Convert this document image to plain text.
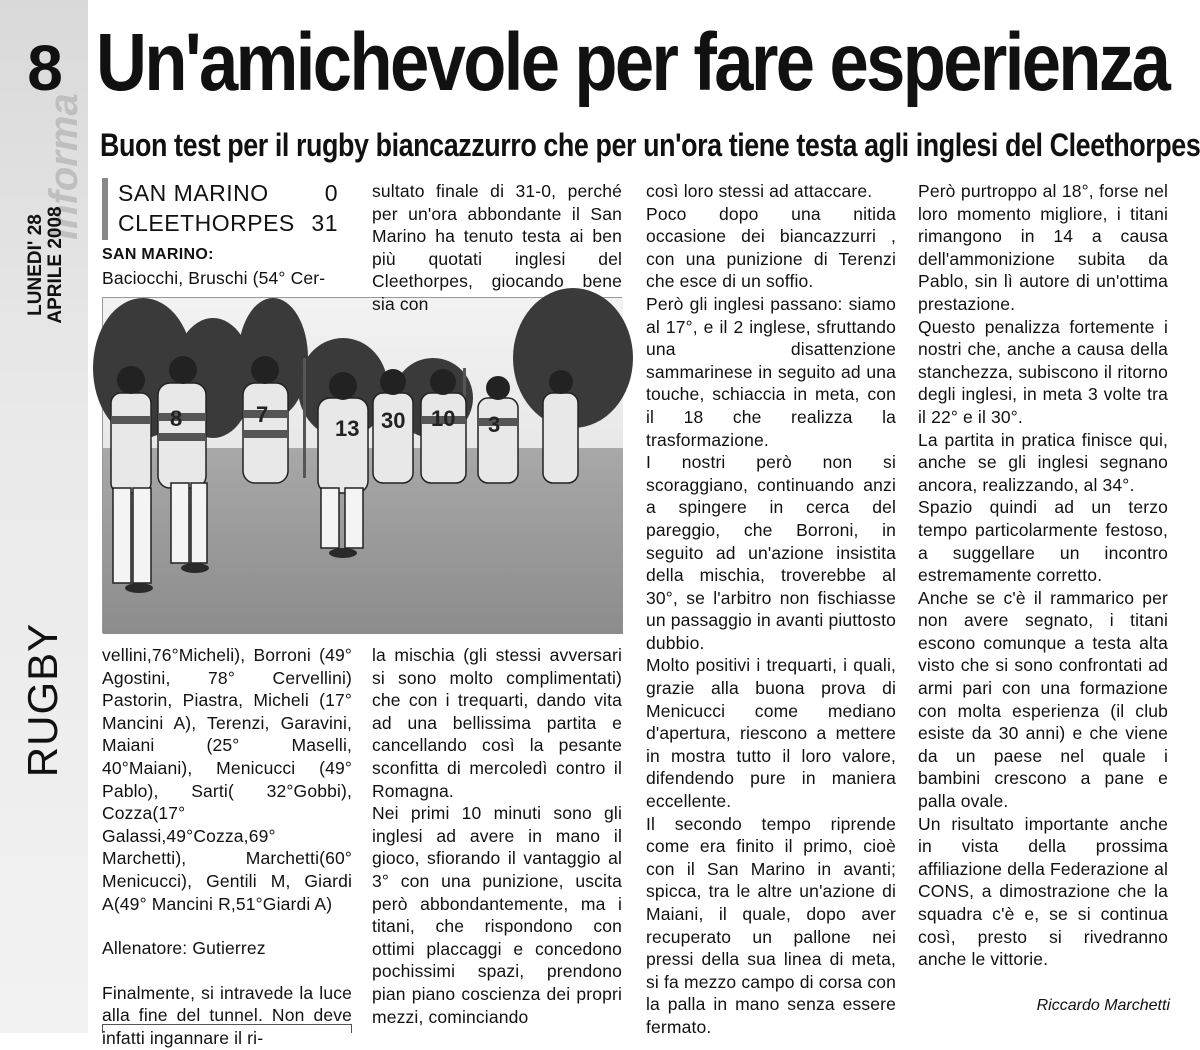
Informa
8
LUNEDI' 28 APRILE 2008
RUGBY
Un'amichevole per fare esperienza
Buon test per il rugby biancazzurro che per un'ora tiene testa agli inglesi del Cleethorpes
SAN MARINO	0
CLEETHORPES 31
SAN MARINO:

Baciocchi, Bruschi (54° Cer-

8	7
13 30 10 3

vellini,76°Micheli), Borroni (49° Agostini, 78° Cervellini) Pastorin, Piastra, Micheli (17° Mancini A), Terenzi, Garavini, Maiani (25° Maselli, 40°Maiani), Menicucci (49° Pablo), Sarti( 32°Gobbi), Cozza(17° Galassi,49°Cozza,69° Marchetti), Marchetti(60° Menicucci), Gentili M, Giardi A(49° Mancini R,51°Giardi A)

Allenatore: Gutierrez

Finalmente, si intravede la luce alla fine del tunnel. Non deve infatti ingannare il ri-

sultato finale di 31-0, perché per un'ora abbondante il San Marino ha tenuto testa ai ben più quotati inglesi del Cleethorpes, giocando bene sia con

la mischia (gli stessi avversari si sono molto complimentati) che con i trequarti, dando vita ad una bellissima partita e cancellando così la pesante sconfitta di mercoledì contro il Romagna.

Nei primi 10 minuti sono gli inglesi ad avere in mano il gioco, sfiorando il vantaggio al 3° con una punizione, uscita però abbondantemente, ma i titani, che rispondono con ottimi placcaggi e concedono pochissimi spazi, prendono pian piano coscienza dei propri mezzi, cominciando

così loro stessi ad attaccare.

Poco dopo una nitida occasione dei biancazzurri , con una punizione di Terenzi che esce di un soffio.

Però gli inglesi passano: siamo al 17°, e il 2 inglese, sfruttando una disattenzione sammarinese in seguito ad una touche, schiaccia in meta, con il 18 che realizza la trasformazione.

I nostri però non si scoraggiano, continuando anzi a spingere in cerca del pareggio, che Borroni, in seguito ad un'azione insistita della mischia, troverebbe al 30°, se l'arbitro non fischiasse un passaggio in avanti piuttosto dubbio.

Molto positivi i trequarti, i quali, grazie alla buona prova di Menicucci come mediano d'apertura, riescono a mettere in mostra tutto il loro valore, difendendo pure in maniera eccellente.

Il secondo tempo riprende come era finito il primo, cioè con il San Marino in avanti; spicca, tra le altre un'azione di Maiani, il quale, dopo aver recuperato un pallone nei pressi della sua linea di meta, si fa mezzo campo di corsa con la palla in mano senza essere fermato.

Però purtroppo al 18°, forse nel loro momento migliore, i titani rimangono in 14 a causa dell'ammonizione subita da Pablo, sin lì autore di un'ottima prestazione.

Questo penalizza fortemente i nostri che, anche a causa della stanchezza, subiscono il ritorno degli inglesi, in meta 3 volte tra il 22° e il 30°.

La partita in pratica finisce qui, anche se gli inglesi segnano ancora, realizzando, al 34°.

Spazio quindi ad un terzo tempo particolarmente festoso, a suggellare un incontro estremamente corretto.

Anche se c'è il rammarico per non avere segnato, i titani escono comunque a testa alta visto che si sono confrontati ad armi pari con una formazione con molta esperienza (il club esiste da 30 anni) e che viene da un paese nel quale i bambini crescono a pane e palla ovale.

Un risultato importante anche in vista della prossima affiliazione della Federazione al CONS, a dimostrazione che la squadra c'è e, se si continua così, presto si rivedranno anche le vittorie.

Riccardo Marchetti
